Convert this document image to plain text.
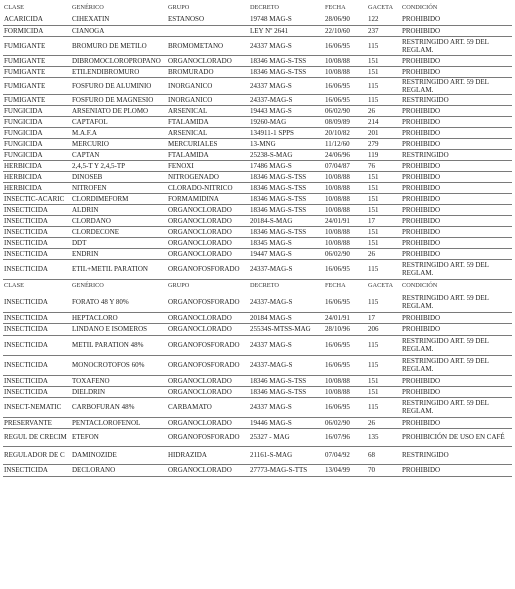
CLASE	GENÉRICO	GRUPO	DECRETO	FECHA	GACETA	CONDICIÓN
ACARICIDA	CIHEXATIN	ESTANOSO	19748 MAG-S	28/06/90	122	PROHIBIDO
FORMICIDA	CIANOGA		LEY Nº 2641	22/10/60	237	PROHIBIDO
FUMIGANTE	BROMURO DE METILO	BROMOMETANO	24337 MAG-S	16/06/95	115	RESTRINGIDO ART. 59 DEL REGLAM.
FUMIGANTE	DIBROMOCLOROPROPANO	ORGANOCLORADO	18346 MAG-S-TSS	10/08/88	151	PROHIBIDO
FUMIGANTE	ETILENDIBROMURO	BROMURADO	18346 MAG-S-TSS	10/08/88	151	PROHIBIDO
FUMIGANTE	FOSFURO DE ALUMINIO	INORGANICO	24337 MAG-S	16/06/95	115	RESTRINGIDO ART. 59 DEL REGLAM.
FUMIGANTE	FOSFURO DE MAGNESIO	INORGANICO	24337-MAG-S	16/06/95	115	RESTRINGIDO
FUNGICIDA	ARSENIATO DE PLOMO	ARSENICAL	19443 MAG-S	06/02/90	26	PROHIBIDO
FUNGICIDA	CAPTAFOL	FTALAMIDA	19260-MAG	08/09/89	214	PROHIBIDO
FUNGICIDA	M.A.F.A	ARSENICAL	134911-1 SPPS	20/10/82	201	PROHIBIDO
FUNGICIDA	MERCURIO	MERCURIALES	13-MNG	11/12/60	279	PROHIBIDO
FUNGICIDA	CAPTAN	FTALAMIDA	25238-S-MAG	24/06/96	119	RESTRINGIDO
HERBICIDA	2,4,5-T Y 2,4,5-TP	FENOXI	17486 MAG-S	07/04/87	76	PROHIBIDO
HERBICIDA	DINOSEB	NITROGENADO	18346 MAG-S-TSS	10/08/88	151	PROHIBIDO
HERBICIDA	NITROFEN	CLORADO-NITRICO	18346 MAG-S-TSS	10/08/88	151	PROHIBIDO
INSECTIC-ACARIC	CLORDIMEFORM	FORMAMIDINA	18346 MAG-S-TSS	10/08/88	151	PROHIBIDO
INSECTICIDA	ALDRIN	ORGANOCLORADO	18346 MAG-S-TSS	10/08/88	151	PROHIBIDO
INSECTICIDA	CLORDANO	ORGANOCLORADO	20184-S-MAG	24/01/91	17	PROHIBIDO
INSECTICIDA	CLORDECONE	ORGANOCLORADO	18346 MAG-S-TSS	10/08/88	151	PROHIBIDO
INSECTICIDA	DDT	ORGANOCLORADO	18345 MAG-S	10/08/88	151	PROHIBIDO
INSECTICIDA	ENDRIN	ORGANOCLORADO	19447 MAG-S	06/02/90	26	PROHIBIDO
INSECTICIDA	ETIL+METIL PARATION	ORGANOFOSFORADO	24337-MAG-S	16/06/95	115	RESTRINGIDO ART. 59 DEL REGLAM.
CLASE	GENÉRICO	GRUPO	DECRETO	FECHA	GACETA	CONDICIÓN
INSECTICIDA	FORATO 48 Y 80%	ORGANOFOSFORADO	24337-MAG-S	16/06/95	115	RESTRINGIDO ART. 59 DEL REGLAM.
INSECTICIDA	HEPTACLORO	ORGANOCLORADO	20184 MAG-S	24/01/91	17	PROHIBIDO
INSECTICIDA	LINDANO E ISOMEROS	ORGANOCLORADO	25534S-MTSS-MAG	28/10/96	206	PROHIBIDO
INSECTICIDA	METIL PARATION 48%	ORGANOFOSFORADO	24337 MAG-S	16/06/95	115	RESTRINGIDO ART. 59 DEL REGLAM.
INSECTICIDA	MONOCROTOFOS 60%	ORGANOFOSFORADO	24337-MAG-S	16/06/95	115	RESTRINGIDO ART. 59 DEL REGLAM.
INSECTICIDA	TOXAFENO	ORGANOCLORADO	18346 MAG-S-TSS	10/08/88	151	PROHIBIDO
INSECTICIDA	DIELDRIN	ORGANOCLORADO	18346 MAG-S-TSS	10/08/88	151	PROHIBIDO
INSECT-NEMATIC	CARBOFURAN 48%	CARBAMATO	24337 MAG-S	16/06/95	115	RESTRINGIDO ART. 59 DEL REGLAM.
PRESERVANTE	PENTACLOROFENOL	ORGANOCLORADO	19446 MAG-S	06/02/90	26	PROHIBIDO
REGUL DE CRECIM	ETEFON	ORGANOFOSFORADO	25327 - MAG	16/07/96	135	PROHIBICIÓN DE USO EN CAFÉ
REGULADOR DE C	DAMINOZIDE	HIDRAZIDA	21161-S-MAG	07/04/92	68	RESTRINGIDO
INSECTICIDA	DECLORANO	ORGANOCLORADO	27773-MAG-S-TTS	13/04/99	70	PROHIBIDO
